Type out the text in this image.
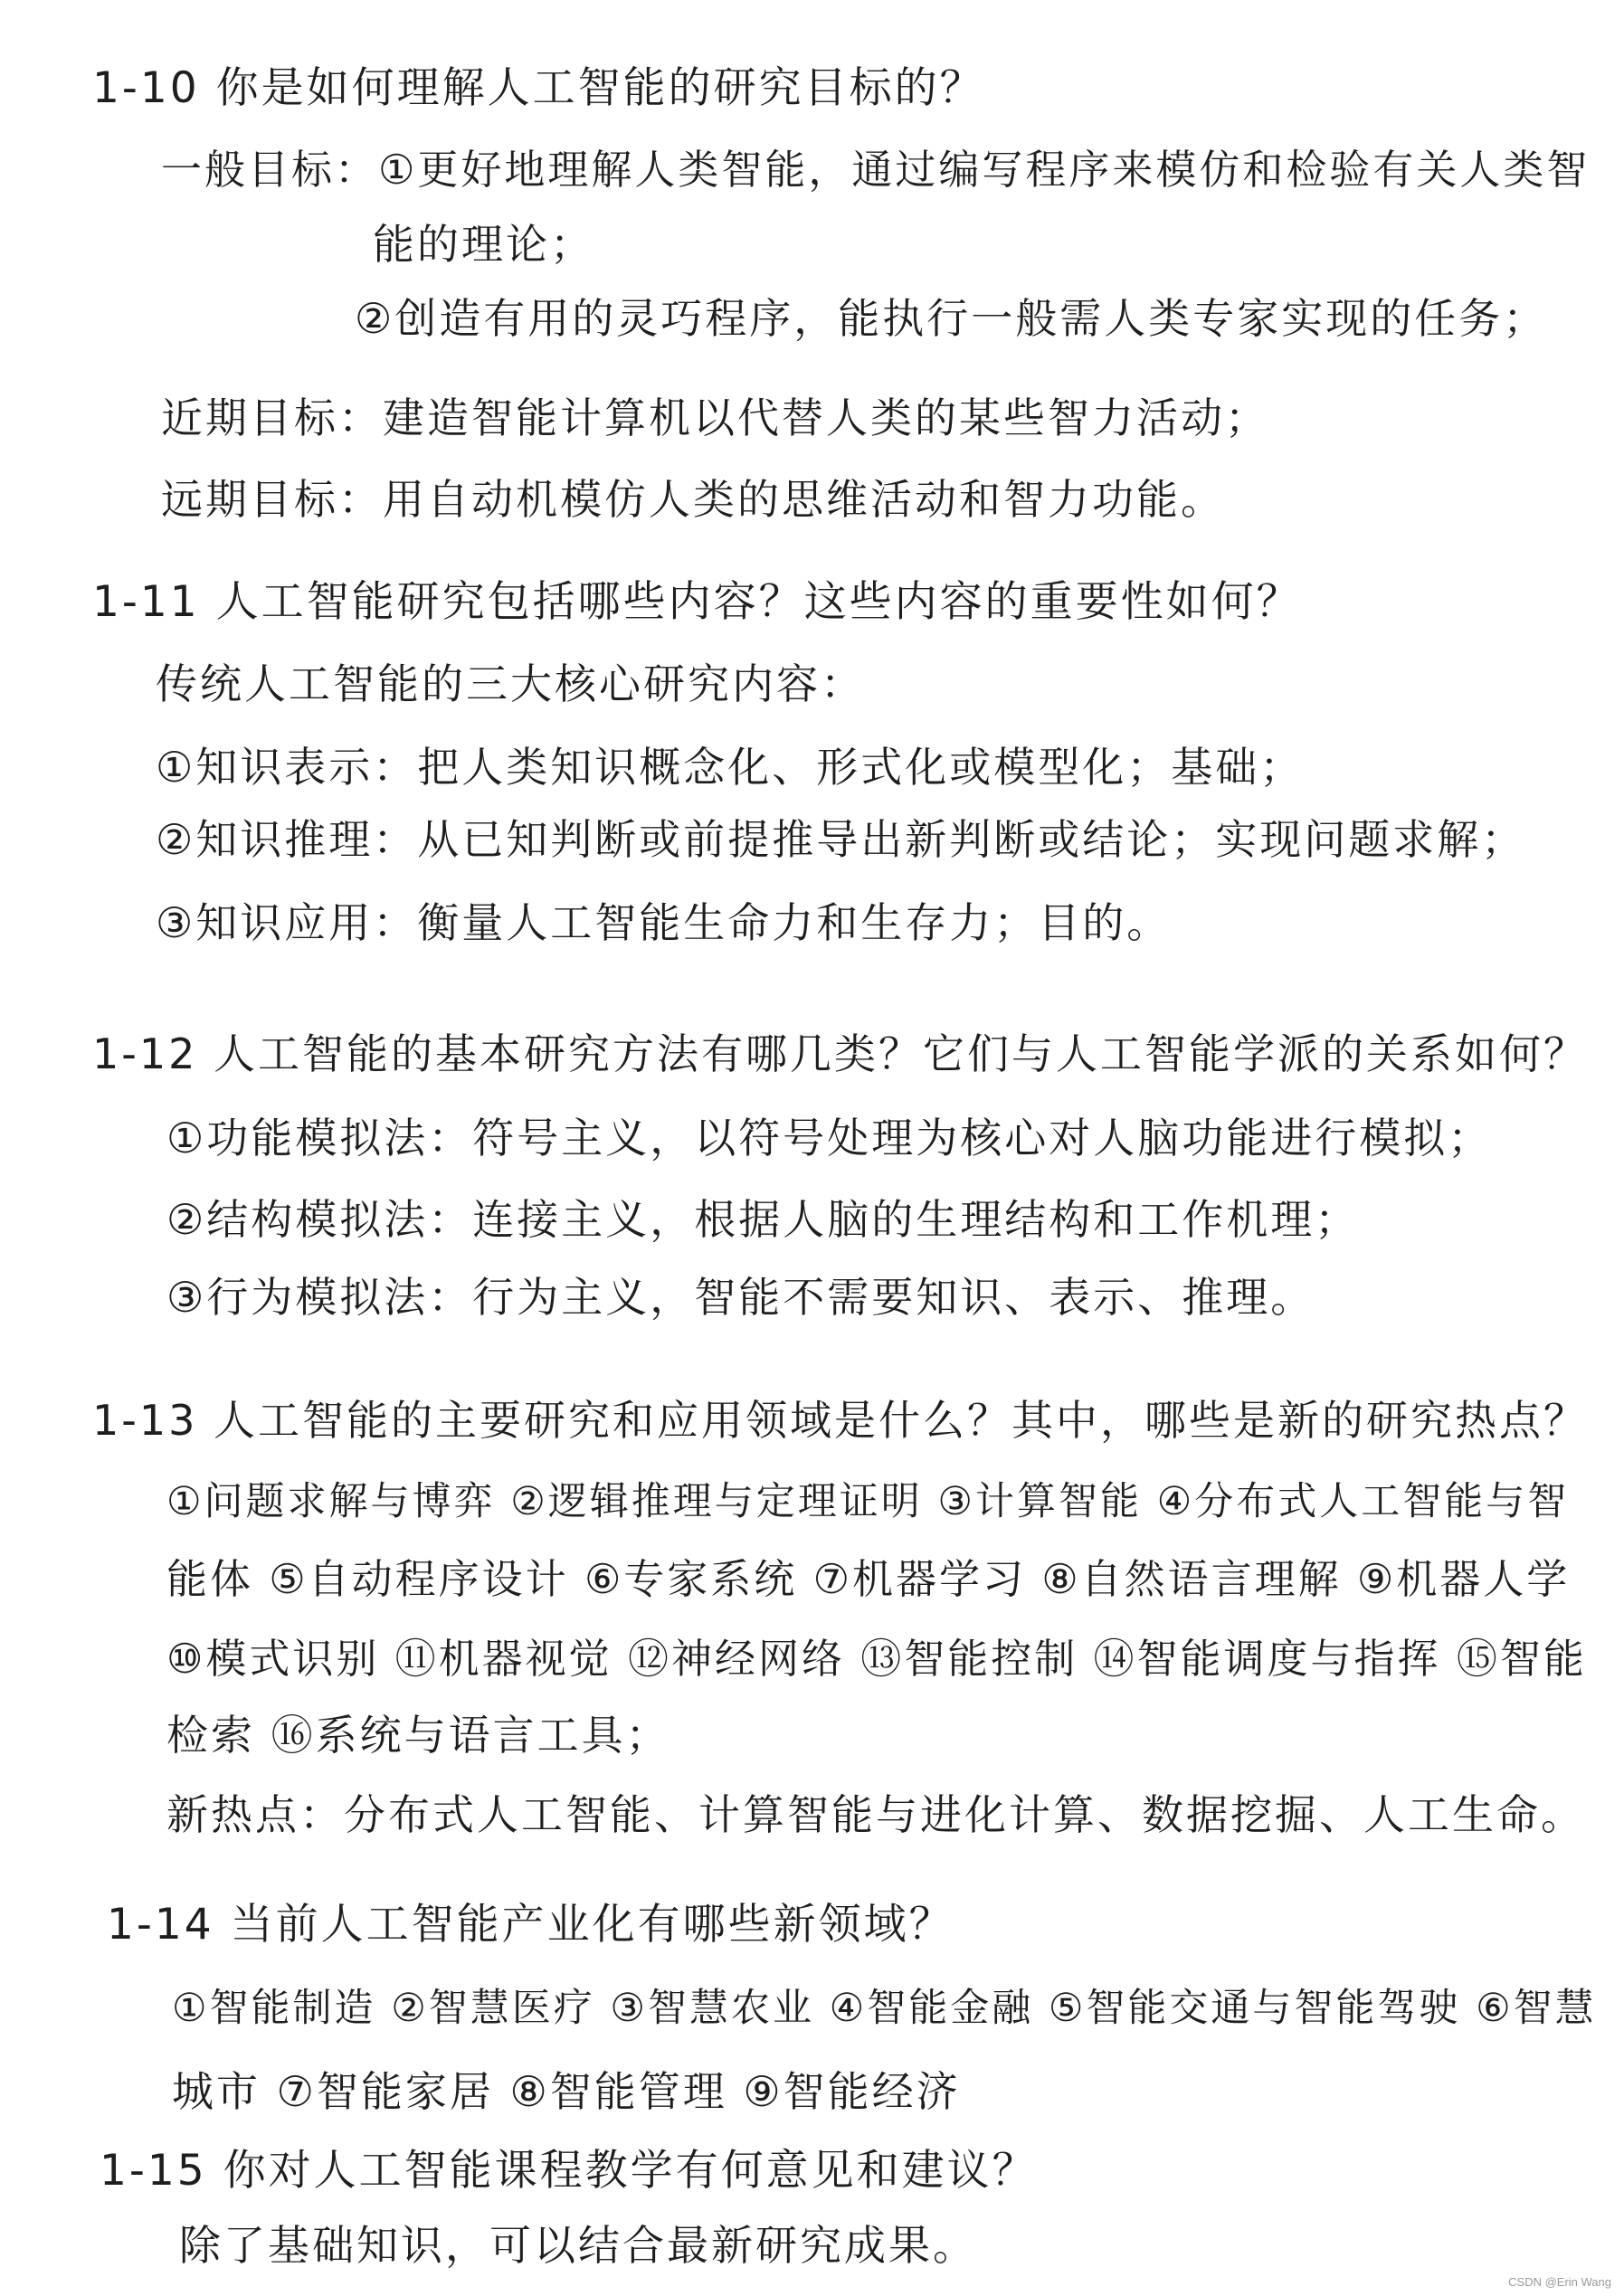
1-10 你是如何理解人工智能的研究目标的？
一般目标：①更好地理解人类智能，通过编写程序来模仿和检验有关人类智
能的理论；
②创造有用的灵巧程序，能执行一般需人类专家实现的任务；
近期目标：建造智能计算机以代替人类的某些智力活动；
远期目标：用自动机模仿人类的思维活动和智力功能。
1-11 人工智能研究包括哪些内容？这些内容的重要性如何？
传统人工智能的三大核心研究内容：
①知识表示：把人类知识概念化、形式化或模型化；基础；
②知识推理：从已知判断或前提推导出新判断或结论；实现问题求解；
③知识应用：衡量人工智能生命力和生存力；目的。
1-12 人工智能的基本研究方法有哪几类？它们与人工智能学派的关系如何？
①功能模拟法：符号主义，以符号处理为核心对人脑功能进行模拟；
②结构模拟法：连接主义，根据人脑的生理结构和工作机理；
③行为模拟法：行为主义，智能不需要知识、表示、推理。
1-13 人工智能的主要研究和应用领域是什么？其中，哪些是新的研究热点？
①问题求解与博弈 ②逻辑推理与定理证明 ③计算智能 ④分布式人工智能与智
能体 ⑤自动程序设计 ⑥专家系统 ⑦机器学习 ⑧自然语言理解 ⑨机器人学
⑩模式识别 ⑪机器视觉 ⑫神经网络 ⑬智能控制 ⑭智能调度与指挥 ⑮智能
检索 ⑯系统与语言工具；
新热点：分布式人工智能、计算智能与进化计算、数据挖掘、人工生命。
1-14 当前人工智能产业化有哪些新领域？
①智能制造 ②智慧医疗 ③智慧农业 ④智能金融 ⑤智能交通与智能驾驶 ⑥智慧
城市 ⑦智能家居 ⑧智能管理 ⑨智能经济
1-15 你对人工智能课程教学有何意见和建议？
除了基础知识，可以结合最新研究成果。
CSDN @Erin Wang
